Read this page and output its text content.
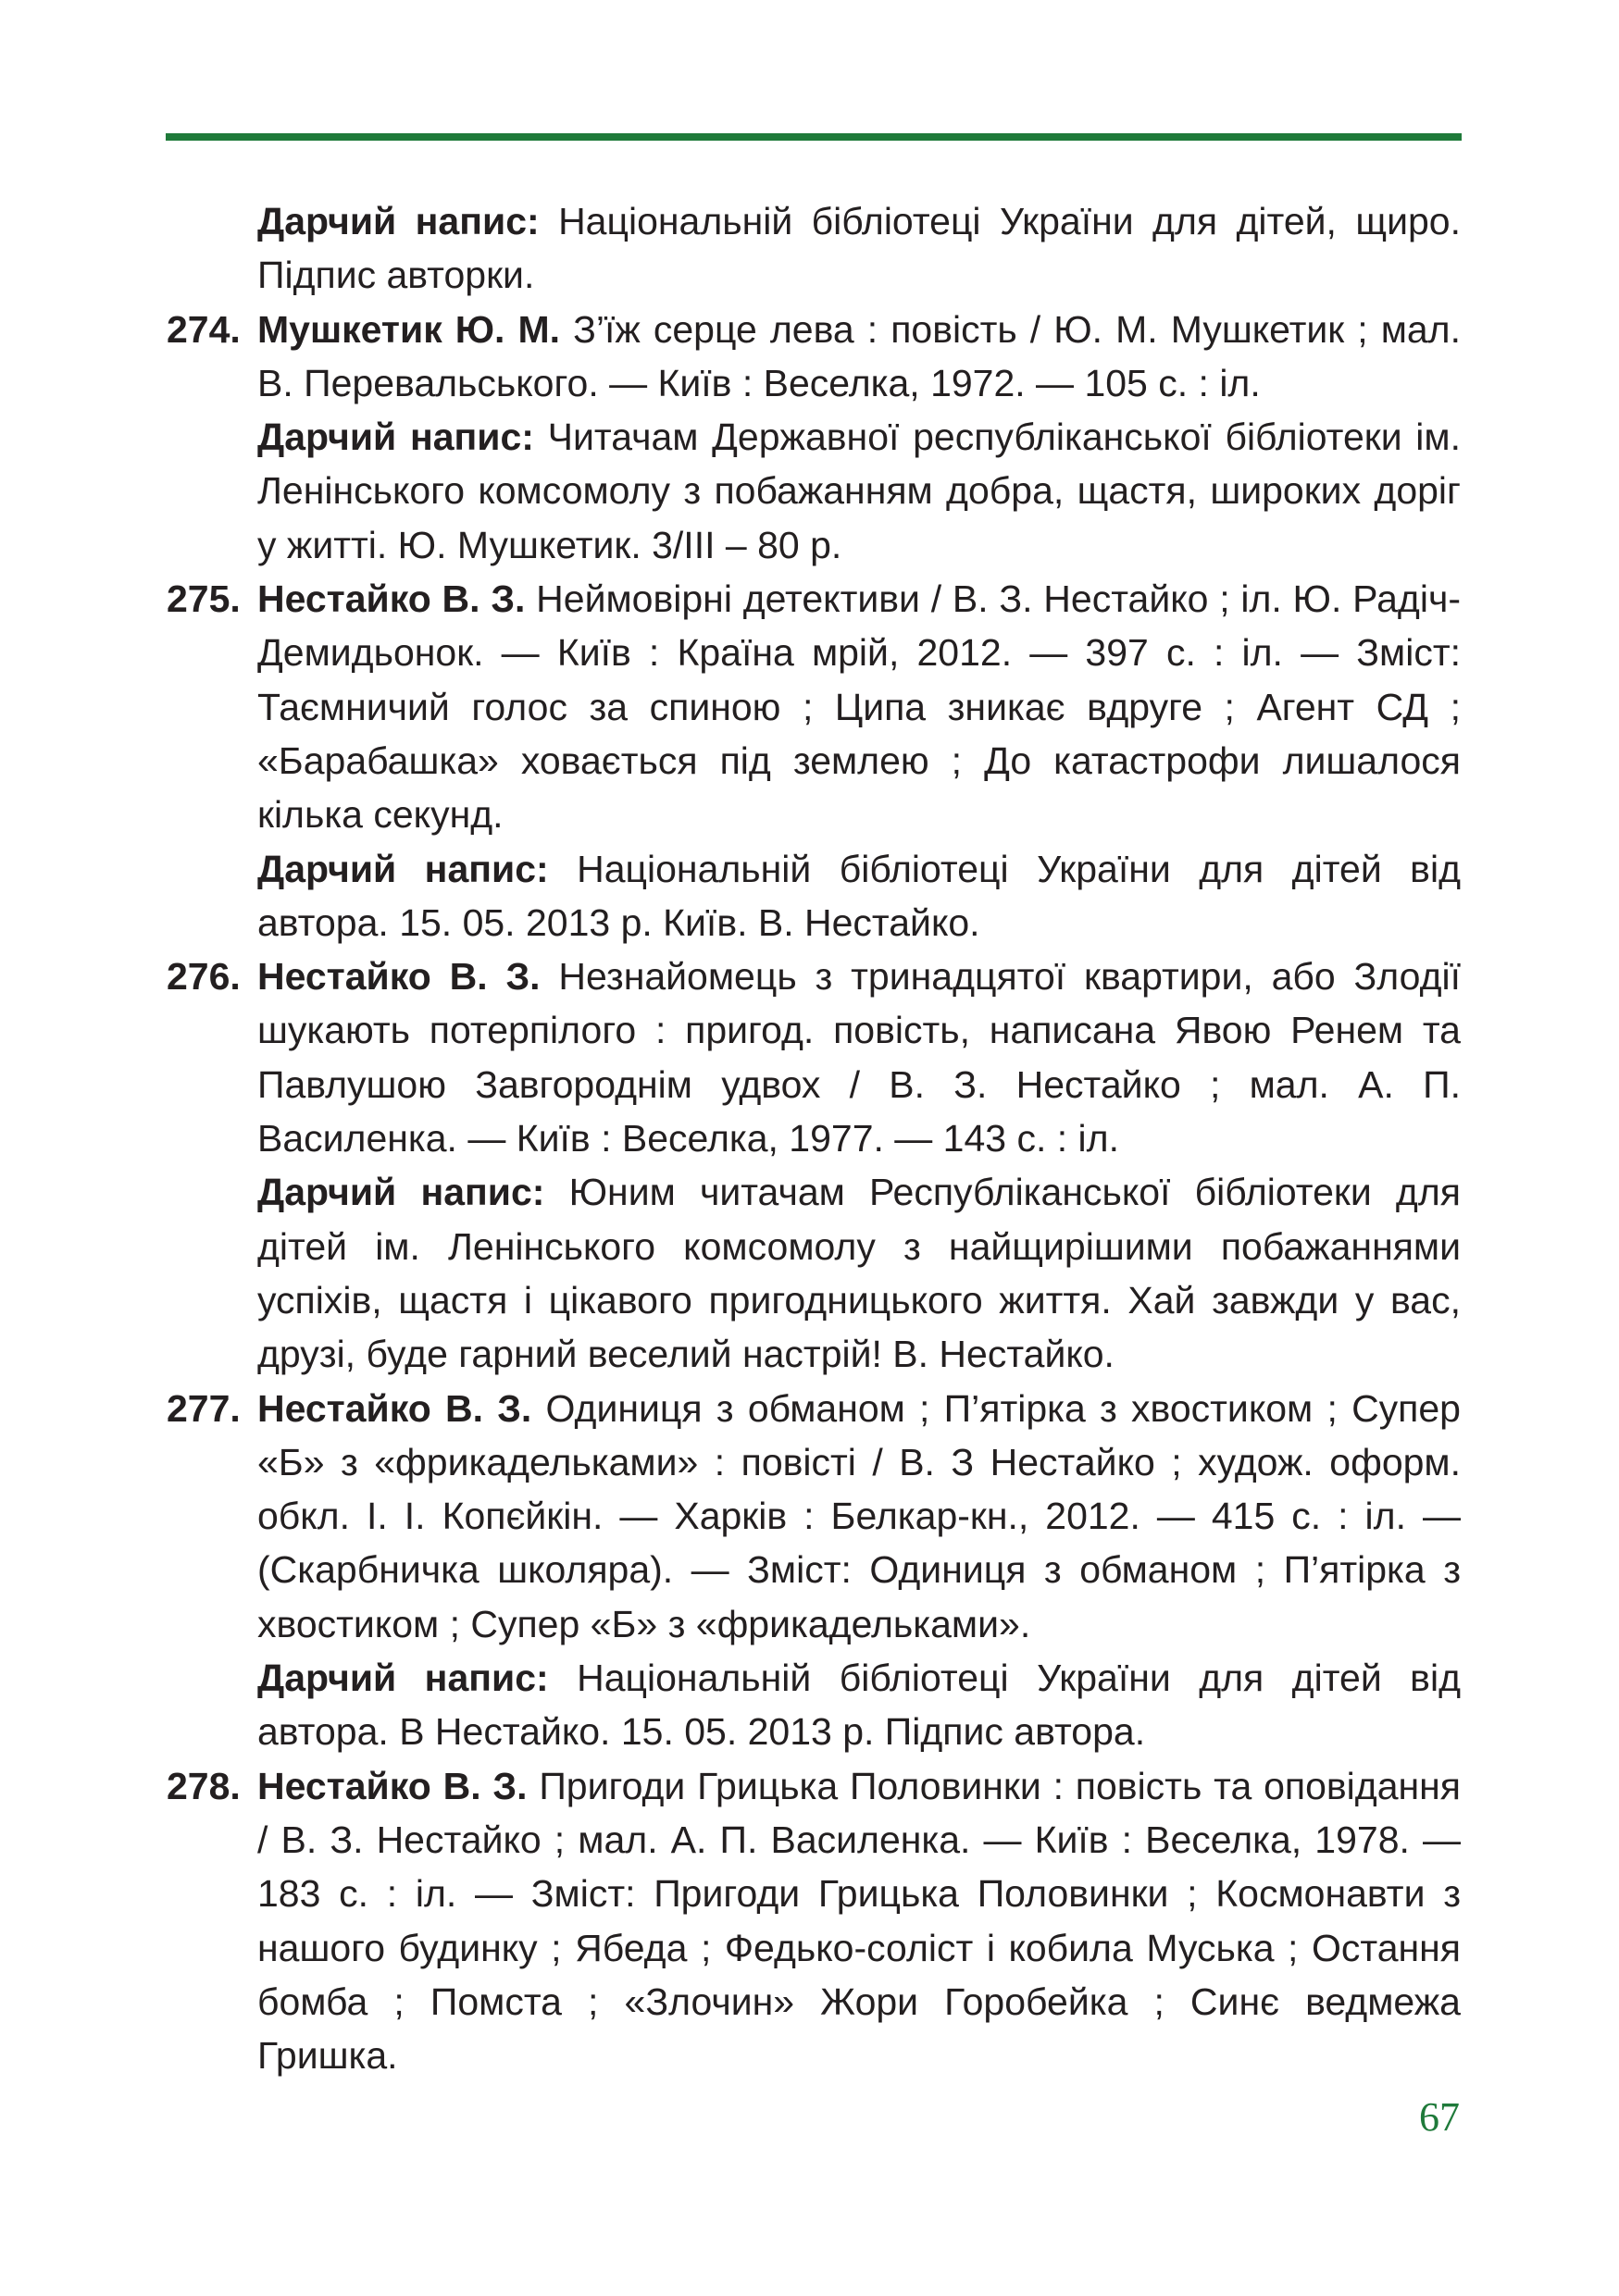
Дарчий напис: Національній бібліотеці України для дітей, щиро. Підпис авторки.
274. Мушкетик Ю. М. З’їж серце лева : повість / Ю. М. Мушкетик ; мал. В. Перевальського. — Київ : Веселка, 1972. — 105 с. : іл.
Дарчий напис: Читачам Державної республіканської бібліотеки ім. Ленінського комсомолу з побажанням добра, щастя, широких доріг у житті. Ю. Мушкетик. 3/ІІІ – 80 р.
275. Нестайко В. З. Неймовірні детективи / В. З. Нестайко ; іл. Ю. Радіч-Демидьонок. — Київ : Країна мрій, 2012. — 397 с. : іл. — Зміст: Таємничий голос за спиною ; Ципа зникає вдруге ; Агент СД ; «Барабашка» ховається під землею ; До катастрофи лишалося кілька секунд.
Дарчий напис: Національній бібліотеці України для дітей від автора. 15. 05. 2013 р. Київ. В. Нестайко.
276. Нестайко В. З. Незнайомець з тринадцятої квартири, або Злодії шукають потерпілого : пригод. повість, написана Явою Ренем та Павлушою Завгороднім удвох / В. З. Нестайко ; мал. А. П. Василенка. — Київ : Веселка, 1977. — 143 с. : іл.
Дарчий напис: Юним читачам Республіканської бібліотеки для дітей ім. Ленінського комсомолу з найщирішими побажаннями успіхів, щастя і цікавого пригодницького життя. Хай завжди у вас, друзі, буде гарний веселий настрій! В. Нестайко.
277. Нестайко В. З. Одиниця з обманом ; П’ятірка з хвостиком ; Супер «Б» з «фрикадельками» : повісті / В. З Нестайко ; худож. оформ. обкл. І. І. Копєйкін. — Харків : Белкар-кн., 2012. — 415 с. : іл. — (Скарбничка школяра). — Зміст: Одиниця з обманом ; П’ятірка з хвостиком ; Супер «Б» з «фрикадельками».
Дарчий напис: Національній бібліотеці України для дітей від автора. В Нестайко. 15. 05. 2013 р. Підпис автора.
278. Нестайко В. З. Пригоди Грицька Половинки : повість та оповідання / В. З. Нестайко ; мал. А. П. Василенка. — Київ : Веселка, 1978. — 183 с. : іл. — Зміст: Пригоди Грицька Половинки ; Космонавти з нашого будинку ; Ябеда ; Федько-соліст і кобила Муська ; Остання бомба ; Помста ; «Злочин» Жори Горобейка ; Синє ведмежа Гришка.
67
